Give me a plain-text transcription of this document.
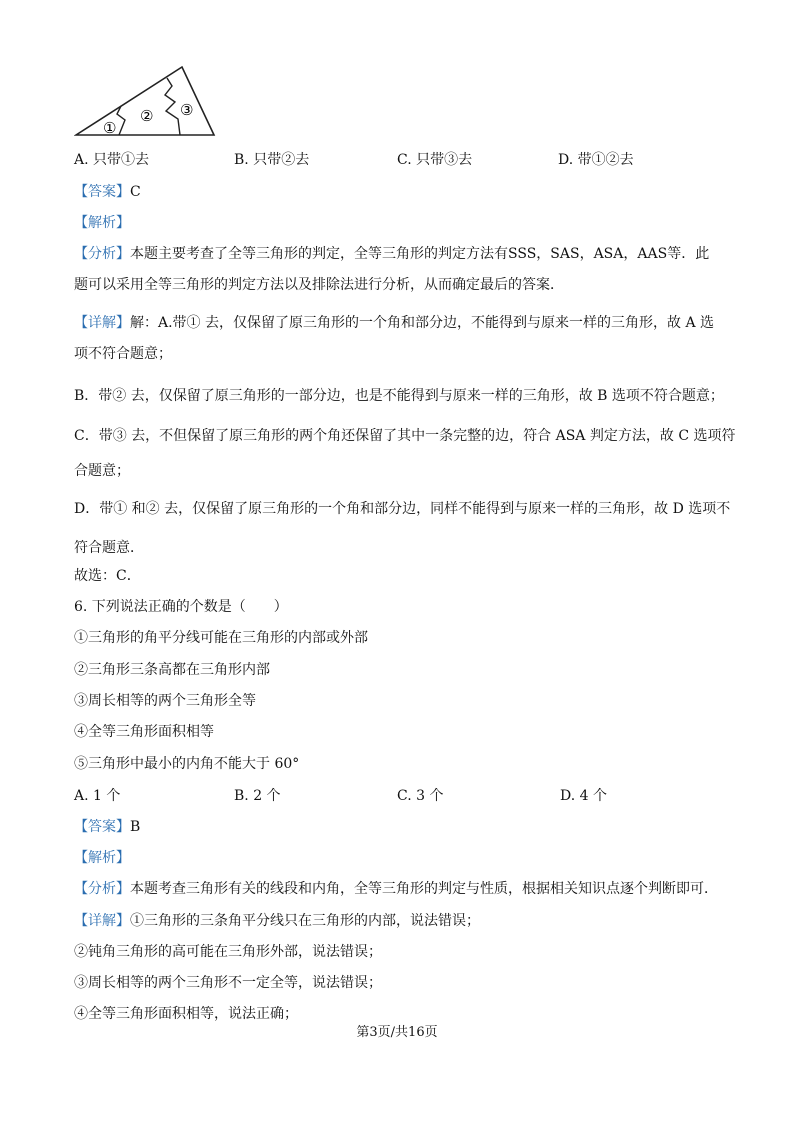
①
② ③
A. 只带①去	B. 只带②去	C. 只带③去	D. 带①②去
【答案】C
【解析】
【分析】本题主要考查了全等三角形的判定，全等三角形的判定方法有SSS，SAS，ASA，AAS等．此
题可以采用全等三角形的判定方法以及排除法进行分析，从而确定最后的答案．
【详解】解：A.带① 去，仅保留了原三角形的一个角和部分边，不能得到与原来一样的三角形，故 A 选
项不符合题意；
B．带② 去，仅保留了原三角形的一部分边，也是不能得到与原来一样的三角形，故 B 选项不符合题意；
C．带③ 去，不但保留了原三角形的两个角还保留了其中一条完整的边，符合 ASA 判定方法，故 C 选项符
合题意；
D．带① 和② 去，仅保留了原三角形的一个角和部分边，同样不能得到与原来一样的三角形，故 D 选项不
符合题意．
故选：C．
6. 下列说法正确的个数是（　　）
①三角形的角平分线可能在三角形的内部或外部
②三角形三条高都在三角形内部
③周长相等的两个三角形全等
④全等三角形面积相等
⑤三角形中最小的内角不能大于 60°
A. 1 个	B. 2 个	C. 3 个	D. 4 个
【答案】B
【解析】
【分析】本题考查三角形有关的线段和内角，全等三角形的判定与性质，根据相关知识点逐个判断即可．
【详解】①三角形的三条角平分线只在三角形的内部，说法错误；
②钝角三角形的高可能在三角形外部，说法错误；
③周长相等的两个三角形不一定全等，说法错误；
④全等三角形面积相等，说法正确；
第3页/共16页
